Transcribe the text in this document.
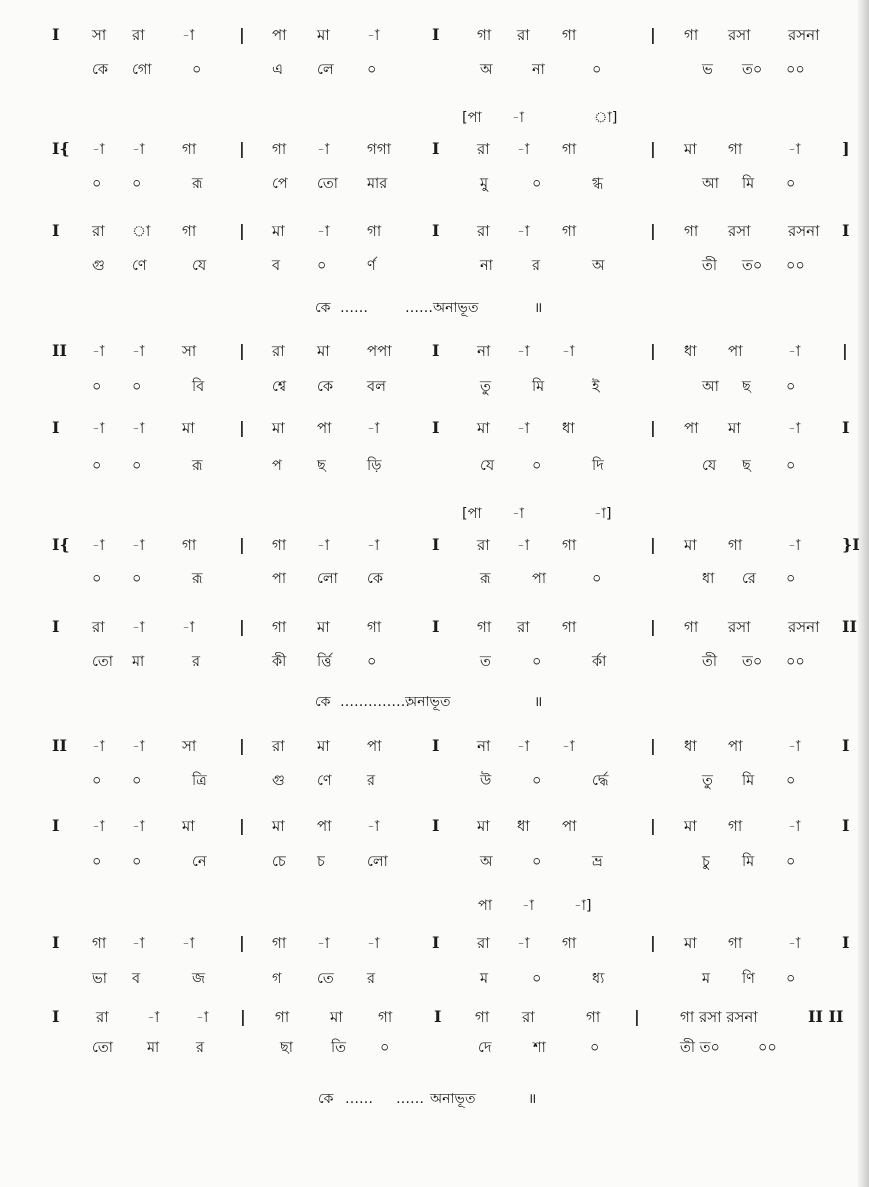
I সা রা -া	| পা মা -া	I	গা রা গা	| গা রসা রসনা
কে গো	০	এ লে ০	অ	না	০	ভ ত০ ০০
[পা -া	া]
I{ -া -া	গা	| গা -া	গগা	I	রা -া গা	| মা গা	-া	]
০ ০	রূ	পে তো মার	মু	০	গ্ধ	আ মি ০
I রা া গা	| মা -া	গা	I	রা -া গা	| গা রসা রসনা I
গু ণে	যে	ব	০	র্ণ	না	র	অ	তী ত০ ০০
কে ……	……অনাভূত	॥
II -া -া	সা	| রা মা পপা	I	না -া -া	| ধা পা	-া	|
০ ০	বি	শ্বে কে বল	তু	মি	ই	আ ছ ০
I -া -া	মা	| মা পা -া	I	মা -া ধা	| পা মা	-া	I
০ ০	রূ	প ছ	ড়ি	যে	০	দি	যে ছ ০
[পা -া	-া]
I{ -া -া	গা	| গা -া	-া	I	রা -া গা	| মা গা	-া	}I
০ ০	রূ	পা লো কে	রূ	পা	০	ধা রে ০
I রা -া	-া	| গা মা গা	I	গা রা গা	| গা রসা রসনা II
তো মা	র	কী র্ত্তি ০	ত	০	র্কা	তী ত০ ০০
কে ……………
অনাভূত	॥
II -া -া	সা	| রা মা পা	I	না -া -া	| ধা পা	-া	I
০ ০	ত্রি	গু ণে র	উ	০	র্দ্ধে	তু মি ০
I -া -া	মা	| মা পা -া	I	মা ধা পা	| মা গা	-া	I
০ ০	নে	চে চ	লো	অ	০	ভ্র	চু মি ০
পা -া	-া]
I গা -া	-া	| গা -া	-া	I	রা -া গা	| মা গা	-া	I
ভা ব	জ	গ তে র	ম	০	ধ্য	ম ণি ০
I রা	-া -া | গা	মা গা	I গা রা	গা |	গা রসা রসনা	II II
তো মা	র	ছা	তি ০	দে	শা	০	তী ত০	০০
কে …… …… অনাভূত	॥
